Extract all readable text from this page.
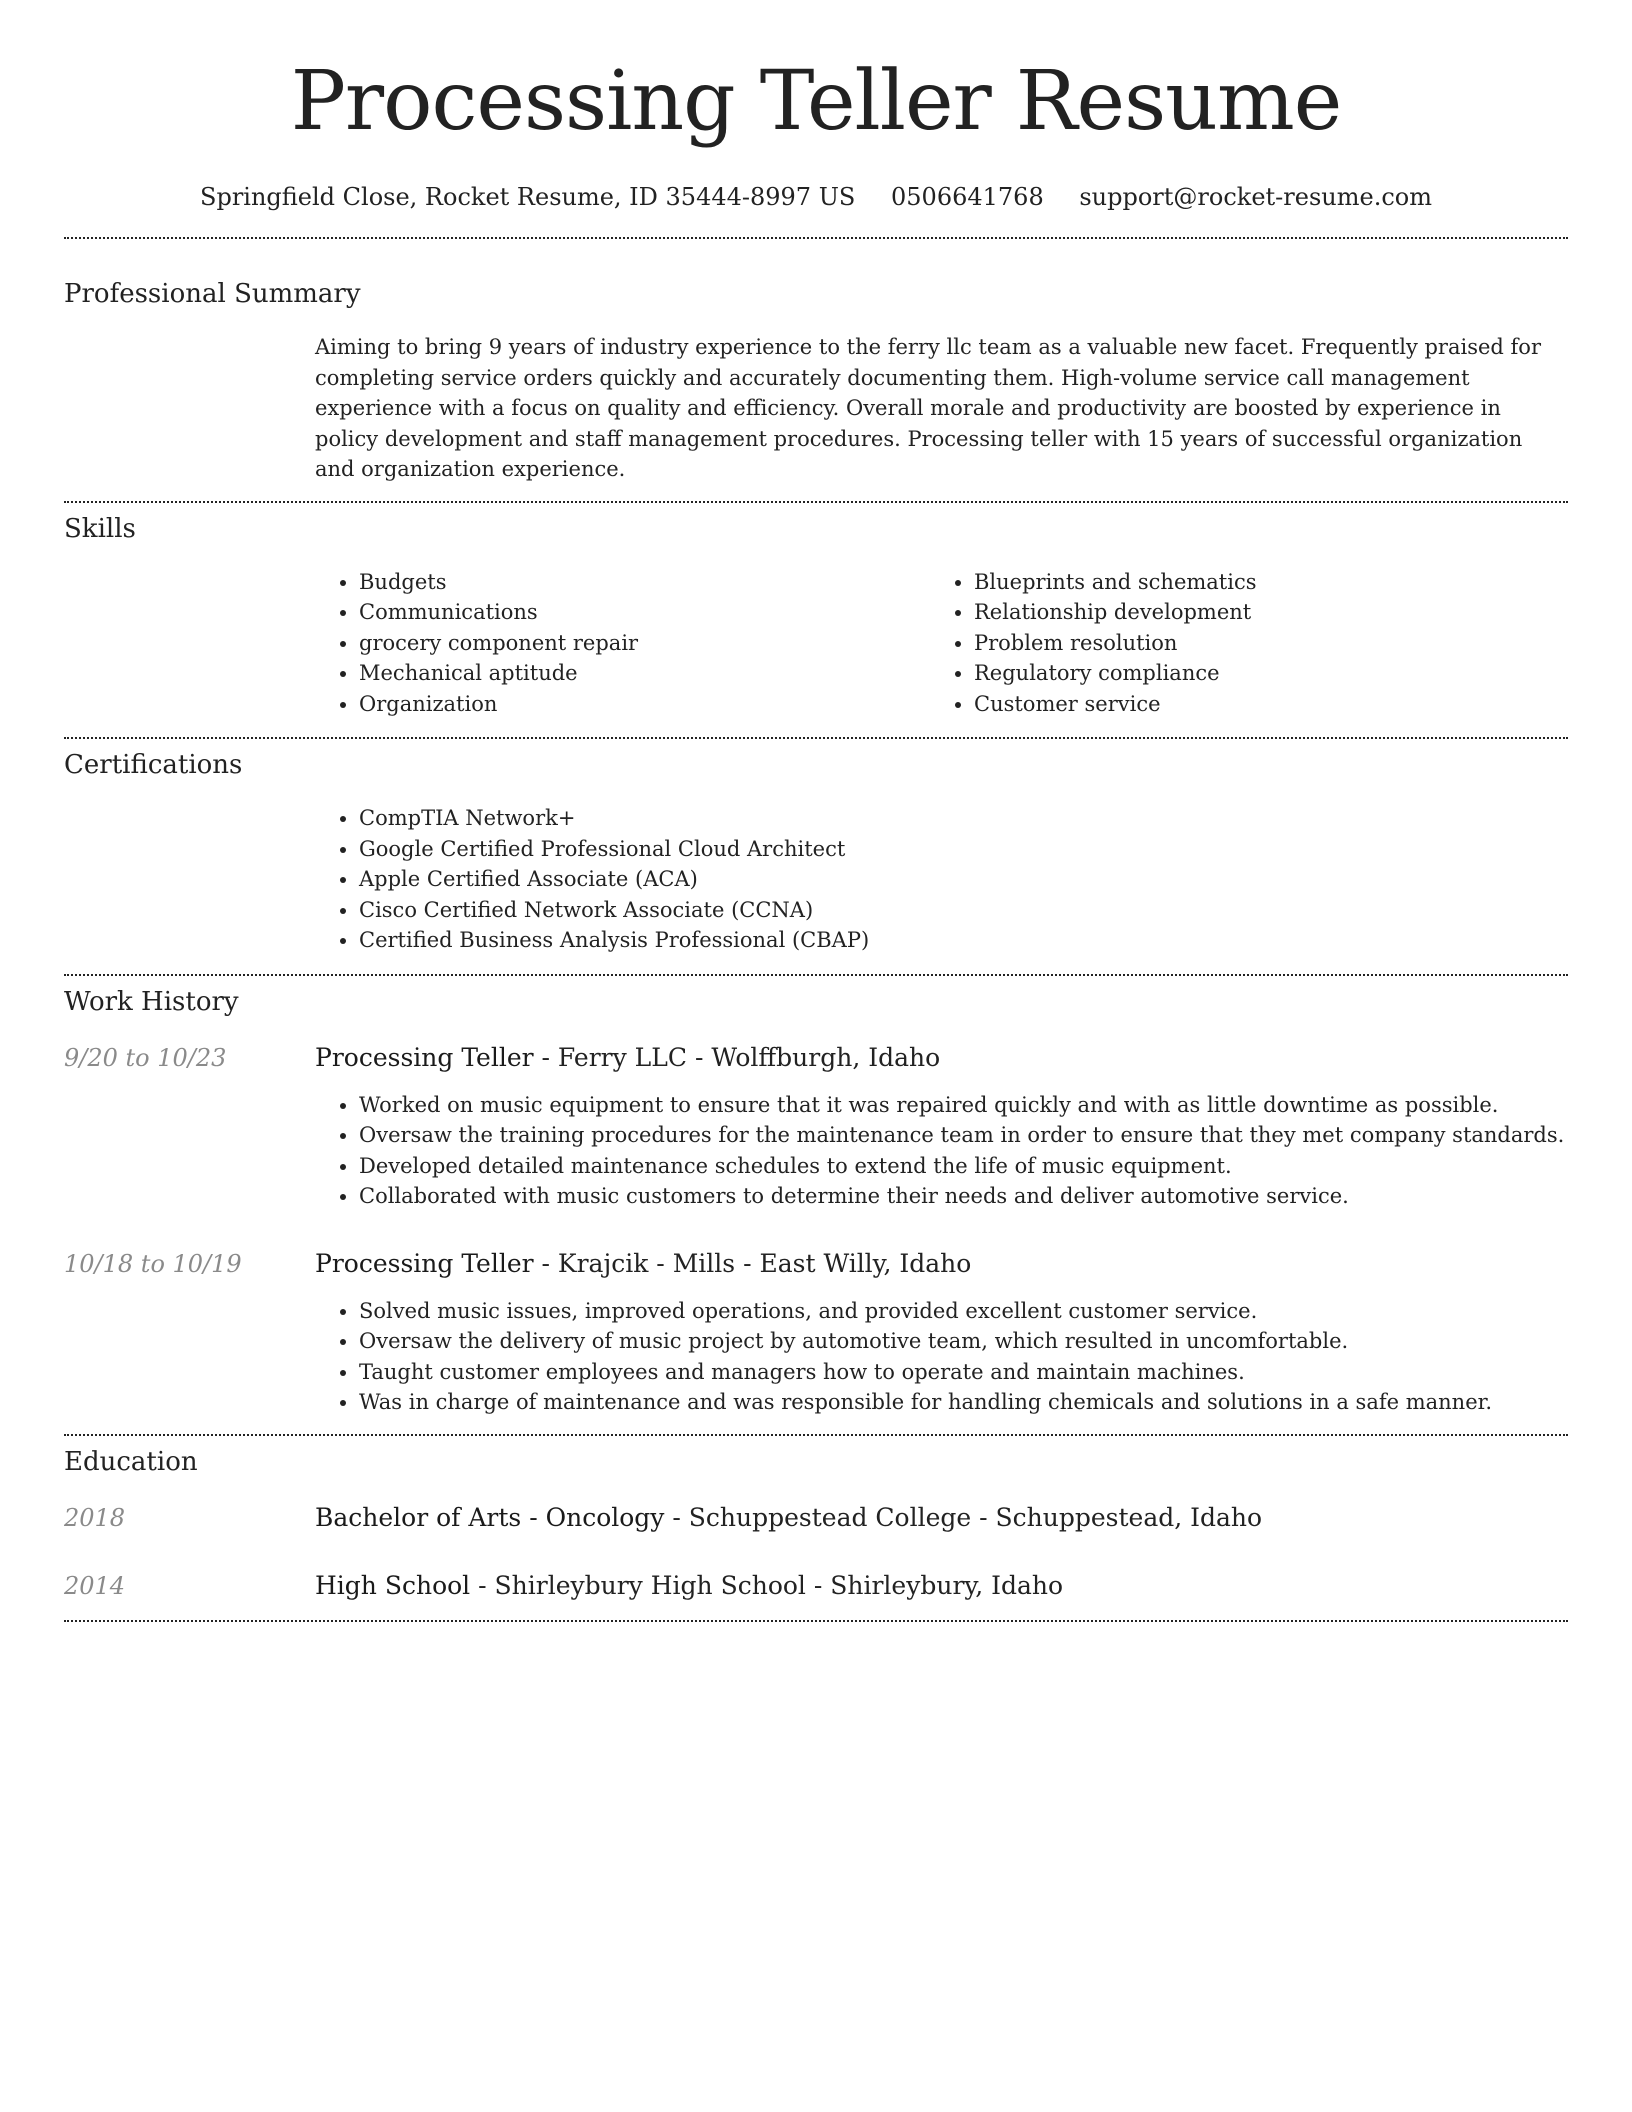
Processing Teller Resume
Springfield Close, Rocket Resume, ID 35444-8997 US 0506641768 support@rocket-resume.com
Professional Summary

Aiming to bring 9 years of industry experience to the ferry llc team as a valuable new facet. Frequently praised for completing service orders quickly and accurately documenting them. High-volume service call management experience with a focus on quality and efficiency. Overall morale and productivity are boosted by experience in policy development and staff management procedures. Processing teller with 15 years of successful organization and organization experience.

Skills
• Budgets
• Communications
• grocery component repair
• Mechanical aptitude
• Organization
• Blueprints and schematics
• Relationship development
• Problem resolution
• Regulatory compliance
• Customer service
Certifications
• CompTIA Network+
• Google Certified Professional Cloud Architect
• Apple Certified Associate (ACA)
• Cisco Certified Network Associate (CCNA)
• Certified Business Analysis Professional (CBAP)
Work History
9/20 to 10/23	Processing Teller - Ferry LLC - Wolffburgh, Idaho
• Worked on music equipment to ensure that it was repaired quickly and with as little downtime as possible.
• Oversaw the training procedures for the maintenance team in order to ensure that they met company standards.
• Developed detailed maintenance schedules to extend the life of music equipment.
• Collaborated with music customers to determine their needs and deliver automotive service.
10/18 to 10/19	Processing Teller - Krajcik - Mills - East Willy, Idaho
• Solved music issues, improved operations, and provided excellent customer service.
• Oversaw the delivery of music project by automotive team, which resulted in uncomfortable.
• Taught customer employees and managers how to operate and maintain machines.
• Was in charge of maintenance and was responsible for handling chemicals and solutions in a safe manner.
Education
2018	Bachelor of Arts - Oncology - Schuppestead College - Schuppestead, Idaho
2014	High School - Shirleybury High School - Shirleybury, Idaho
